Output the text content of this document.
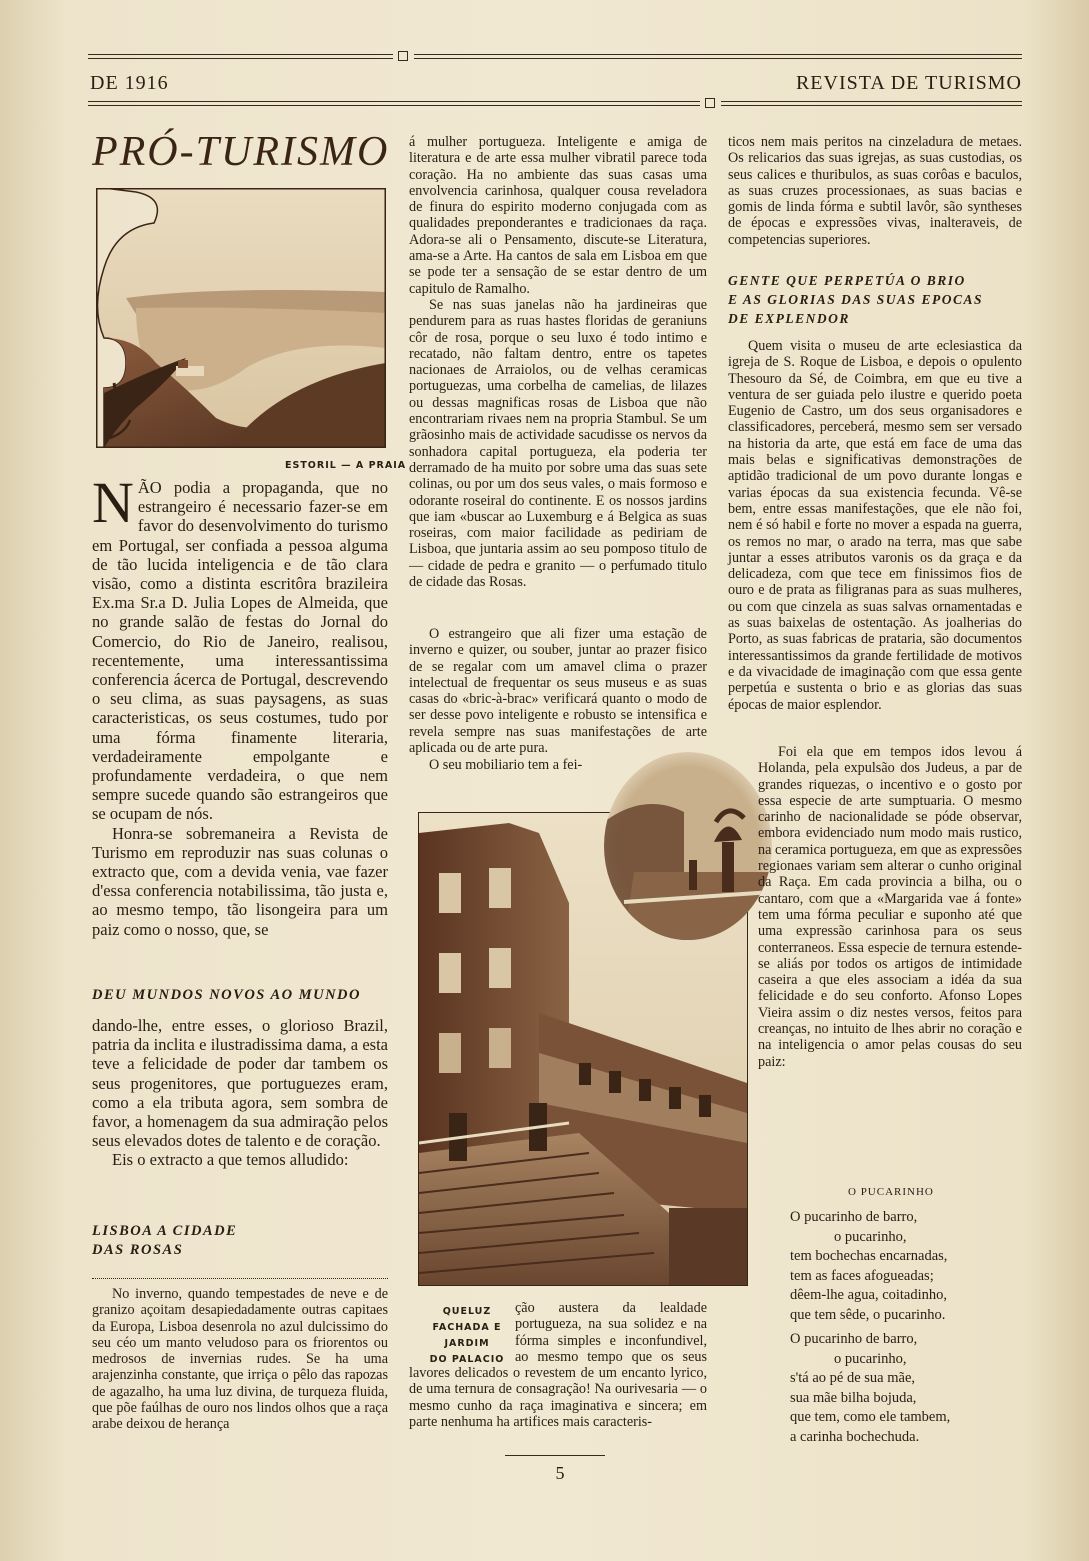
DE 1916	REVISTA DE TURISMO
PRÓ-TURISMO
ESTORIL — A PRAIA

NÃO podia a propaganda, que no estrangeiro é necessario fazer-se em favor do desenvolvimento do turismo em Portugal, ser confiada a pessoa alguma de tão lucida inteligencia e de tão clara visão, como a distinta escritôra brazileira Ex.ma Sr.a D. Julia Lopes de Almeida, que no grande salão de festas do Jornal do Comercio, do Rio de Janeiro, realisou, recentemente, uma interessantissima conferencia ácerca de Portugal, descrevendo o seu clima, as suas paysagens, as suas caracteristicas, os seus costumes, tudo por uma fórma finamente literaria, verdadeiramente empolgante e profundamente verdadeira, o que nem sempre sucede quando são estrangeiros que se ocupam de nós.

Honra-se sobremaneira a Revista de Turismo em reproduzir nas suas colunas o extracto que, com a devida venia, vae fazer d'essa conferencia notabilissima, tão justa e, ao mesmo tempo, tão lisongeira para um paiz como o nosso, que, se

DEU MUNDOS NOVOS AO MUNDO

dando-lhe, entre esses, o glorioso Brazil, patria da inclita e ilustradissima dama, a esta teve a felicidade de poder dar tambem os seus progenitores, que portuguezes eram, como a ela tributa agora, sem sombra de favor, a homenagem da sua admiração pelos seus elevados dotes de talento e de coração.

Eis o extracto a que temos alludido:

LISBOA A CIDADE
DAS ROSAS
No inverno, quando tempestades de neve e de granizo açoitam desapiedadamente outras capitaes da Europa, Lisboa desenrola no azul dulcissimo do seu céo um manto veludoso para os friorentos ou medrosos de invernias rudes. Se ha uma arajenzinha constante, que irriça o pêlo das rapozas de agazalho, ha uma luz divina, de turqueza fluida, que põe faúlhas de ouro nos lindos olhos que a raça arabe deixou de herança

á mulher portugueza. Inteligente e amiga de literatura e de arte essa mulher vibratil parece toda coração. Ha no ambiente das suas casas uma envolvencia carinhosa, qualquer cousa reveladora de finura do espirito moderno conjugada com as qualidades preponderantes e tradicionaes da raça. Adora-se ali o Pensamento, discute-se Literatura, ama-se a Arte. Ha cantos de sala em Lisboa em que se pode ter a sensação de se estar dentro de um capitulo de Ramalho.

Se nas suas janelas não ha jardineiras que pendurem para as ruas hastes floridas de geraniuns côr de rosa, porque o seu luxo é todo intimo e recatado, não faltam dentro, entre os tapetes nacionaes de Arraiolos, ou de velhas ceramicas portuguezas, uma corbelha de camelias, de lilazes ou dessas magnificas rosas de Lisboa que não encontrariam rivaes nem na propria Stambul. Se um grãosinho mais de actividade sacudisse os nervos da sonhadora capital portugueza, ela poderia ter derramado de ha muito por sobre uma das suas sete colinas, ou por um dos seus vales, o mais formoso e odorante roseiral do continente. E os nossos jardins que iam «buscar ao Luxemburg e á Belgica as suas roseiras, com maior facilidade as pediriam de Lisboa, que juntaria assim ao seu pomposo titulo de — cidade de pedra e granito — o perfumado titulo de cidade das Rosas.

O estrangeiro que ali fizer uma estação de inverno e quizer, ou souber, juntar ao prazer fisico de se regalar com um amavel clima o prazer intelectual de frequentar os seus museus e as suas casas do «bric-à-brac» verificará quanto o modo de ser desse povo inteligente e robusto se intensifica e revela sempre nas suas manifestações de arte aplicada ou de arte pura.
O seu mobiliario tem a fei-
QUELUZ
FACHADA E JARDIM
DO PALACIO
ção austera da lealdade portugueza, na sua solidez e na fórma simples e inconfundivel, ao mesmo tempo que os seus lavores delicados o revestem de um encanto lyrico, de uma ternura de consagração! Na ourivesaria — o mesmo cunho da raça imaginativa e sincera; em parte nenhuma ha artifices mais caracteris-
ticos nem mais peritos na cinzeladura de metaes. Os relicarios das suas igrejas, as suas custodias, os seus calices e thuribulos, as suas corôas e baculos, as suas cruzes processionaes, as suas bacias e gomis de linda fórma e subtil lavôr, são syntheses de épocas e expressões vivas, inalteraveis, de competencias superiores.
GENTE QUE PERPETÚA O BRIO
E AS GLORIAS DAS SUAS EPOCAS
DE EXPLENDOR
Quem visita o museu de arte eclesiastica da igreja de S. Roque de Lisboa, e depois o opulento Thesouro da Sé, de Coimbra, em que eu tive a ventura de ser guiada pelo ilustre e querido poeta Eugenio de Castro, um dos seus organisadores e classificadores, perceberá, mesmo sem ser versado na historia da arte, que está em face de uma das mais belas e significativas demonstrações de aptidão tradicional de um povo durante longas e varias épocas da sua existencia fecunda. Vê-se bem, entre essas manifestações, que ele não foi, nem é só habil e forte no mover a espada na guerra, os remos no mar, o arado na terra, mas que sabe juntar a esses atributos varonis os da graça e da delicadeza, com que tece em finissimos fios de ouro e de prata as filigranas para as suas mulheres, ou com que cinzela as suas salvas ornamentadas e as suas baixelas de ostentação. As joalherias do Porto, as suas fabricas de prataria, são documentos interessantissimos da grande fertilidade de motivos e da vivacidade de imaginação com que essa gente perpetúa e sustenta o brio e as glorias das suas épocas de maior esplendor.
Foi ela que em tempos idos levou á Holanda, pela expulsão dos Judeus, a par de grandes riquezas, o incentivo e o gosto por essa especie de arte sumptuaria. O mesmo carinho de nacionalidade se póde observar, embora evidenciado num modo mais rustico, na ceramica portugueza, em que as expressões regionaes variam sem alterar o cunho original da Raça. Em cada provincia a bilha, ou o cantaro, com que a «Margarida vae á fonte» tem uma fórma peculiar e suponho até que uma expressão carinhosa para os seus conterraneos. Essa especie de ternura estende-se aliás por todos os artigos de intimidade caseira a que eles associam a idéa da sua felicidade e do seu conforto. Afonso Lopes Vieira assim o diz nestes versos, feitos para creanças, no intuito de lhes abrir no coração e na inteligencia o amor pelas cousas do seu paiz:
O PUCARINHO
O pucarinho de barro,
o pucarinho,
tem bochechas encarnadas,
tem as faces afogueadas;
dêem-lhe agua, coitadinho,
que tem sêde, o pucarinho.
O pucarinho de barro,
o pucarinho,
s'tá ao pé de sua mãe,
sua mãe bilha bojuda,
que tem, como ele tambem,
a carinha bochechuda.
5
